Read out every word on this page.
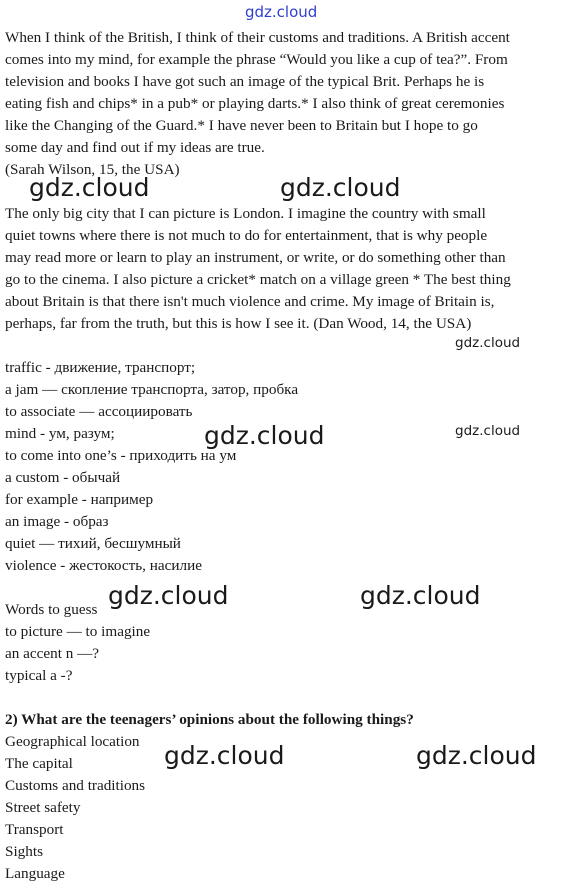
gdz.cloud
When I think of the British, I think of their customs and traditions. A British accent
comes into my mind, for example the phrase “Would you like a cup of tea?”. From
television and books I have got such an image of the typical Brit. Perhaps he is
eating fish and chips* in a pub* or playing darts.* I also think of great ceremonies
like the Changing of the Guard.* I have never been to Britain but I hope to go
some day and find out if my ideas are true.
(Sarah Wilson, 15, the USA)
gdz.cloud	gdz.cloud
The only big city that I can picture is London. I imagine the country with small
quiet towns where there is not much to do for entertainment, that is why people
may read more or learn to play an instrument, or write, or do something other than
go to the cinema. I also picture a cricket* match on a village green * The best thing
about Britain is that there isn't much violence and crime. My image of Britain is,
perhaps, far from the truth, but this is how I see it. (Dan Wood, 14, the USA)
gdz.cloud
traffic - движение, транспорт;
a jam — скопление транспорта, затор, пробка
to associate — ассоциировать
mind - ум, разум;
to come into one’s - приходить на ум
a custom - обычай
for example - например
an image - образ
quiet — тихий, бесшумный
violence - жестокость, насилие
gdz.cloud	gdz.cloud
Words to guess
to picture — to imagine
an accent n —?
typical a -?
gdz.cloud	gdz.cloud
2) What are the teenagers’ opinions about the following things?
Geographical location
The capital
Customs and traditions
Street safety
Transport
Sights
Language
gdz.cloud	gdz.cloud
